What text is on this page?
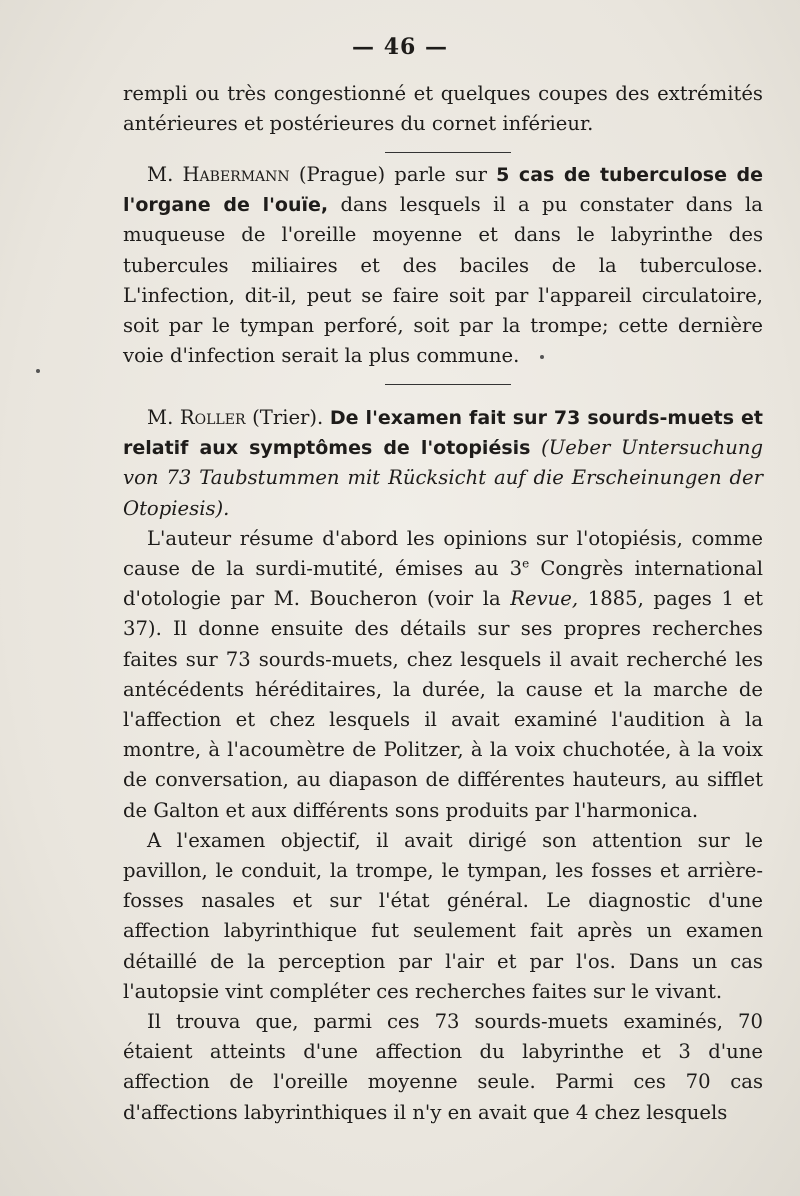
— 46 —

rempli ou très congestionné et quelques coupes des extrémités antérieures et postérieures du cornet inférieur.

M. Habermann (Prague) parle sur 5 cas de tuberculose de l'organe de l'ouïe, dans lesquels il a pu constater dans la muqueuse de l'oreille moyenne et dans le labyrinthe des tubercules miliaires et des baciles de la tuberculose. L'infection, dit-il, peut se faire soit par l'appareil circulatoire, soit par le tympan perforé, soit par la trompe; cette dernière voie d'infection serait la plus commune.

M. Roller (Trier). De l'examen fait sur 73 sourds-muets et relatif aux symptômes de l'otopiésis (Ueber Untersuchung von 73 Taubstummen mit Rücksicht auf die Erscheinungen der Otopiesis).

L'auteur résume d'abord les opinions sur l'otopiésis, comme cause de la surdi-mutité, émises au 3e Congrès international d'otologie par M. Boucheron (voir la Revue, 1885, pages 1 et 37). Il donne ensuite des détails sur ses propres recherches faites sur 73 sourds-muets, chez lesquels il avait recherché les antécédents héréditaires, la durée, la cause et la marche de l'affection et chez lesquels il avait examiné l'audition à la montre, à l'acoumètre de Politzer, à la voix chuchotée, à la voix de conversation, au diapason de différentes hauteurs, au sifflet de Galton et aux différents sons produits par l'harmonica.

A l'examen objectif, il avait dirigé son attention sur le pavillon, le conduit, la trompe, le tympan, les fosses et arrière-fosses nasales et sur l'état général. Le diagnostic d'une affection labyrinthique fut seulement fait après un examen détaillé de la perception par l'air et par l'os. Dans un cas l'autopsie vint compléter ces recherches faites sur le vivant.

Il trouva que, parmi ces 73 sourds-muets examinés, 70 étaient atteints d'une affection du labyrinthe et 3 d'une affection de l'oreille moyenne seule. Parmi ces 70 cas d'affections labyrinthiques il n'y en avait que 4 chez lesquels
